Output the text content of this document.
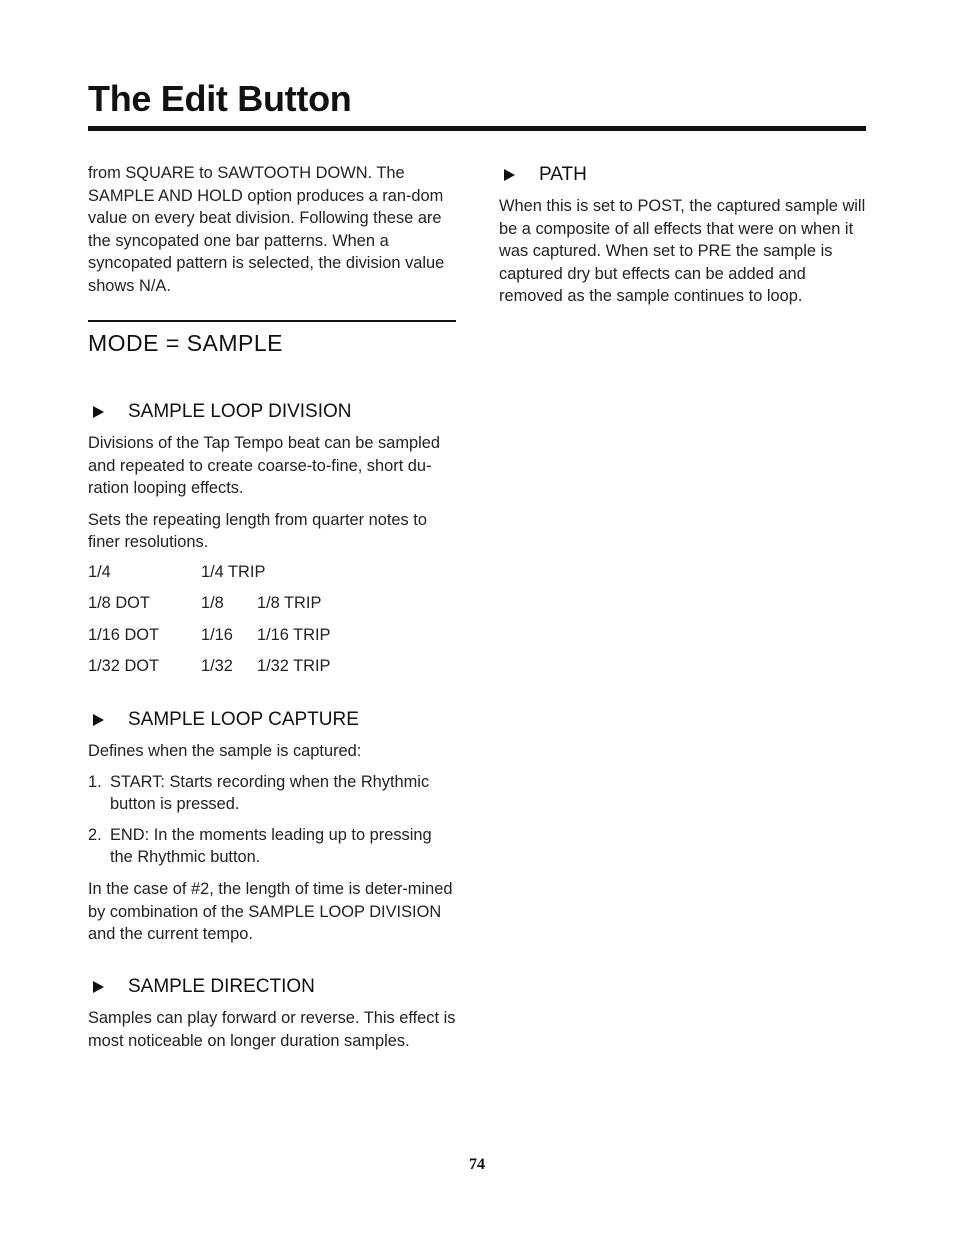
The Edit Button

from SQUARE to SAWTOOTH DOWN. The SAMPLE AND HOLD option produces a ran-dom value on every beat division. Following these are the syncopated one bar patterns. When a syncopated pattern is selected, the division value shows N/A.

PATH

When this is set to POST, the captured sample will be a composite of all effects that were on when it was captured. When set to PRE the sample is captured dry but effects can be added and removed as the sample continues to loop.

MODE = SAMPLE
SAMPLE LOOP DIVISION

Divisions of the Tap Tempo beat can be sampled and repeated to create coarse-to-fine, short du-ration looping effects.

Sets the repeating length from quarter notes to finer resolutions.

1/4	1/4 TRIP
1/8 DOT	1/8	1/8 TRIP
1/16 DOT	1/16	1/16 TRIP
1/32 DOT	1/32	1/32 TRIP
SAMPLE LOOP CAPTURE

Defines when the sample is captured:

1. START: Starts recording when the Rhythmic button is pressed.
2. END: In the moments leading up to pressing the Rhythmic button.

In the case of #2, the length of time is deter-mined by combination of the SAMPLE LOOP DIVISION and the current tempo.

SAMPLE DIRECTION

Samples can play forward or reverse. This effect is most noticeable on longer duration samples.

74
